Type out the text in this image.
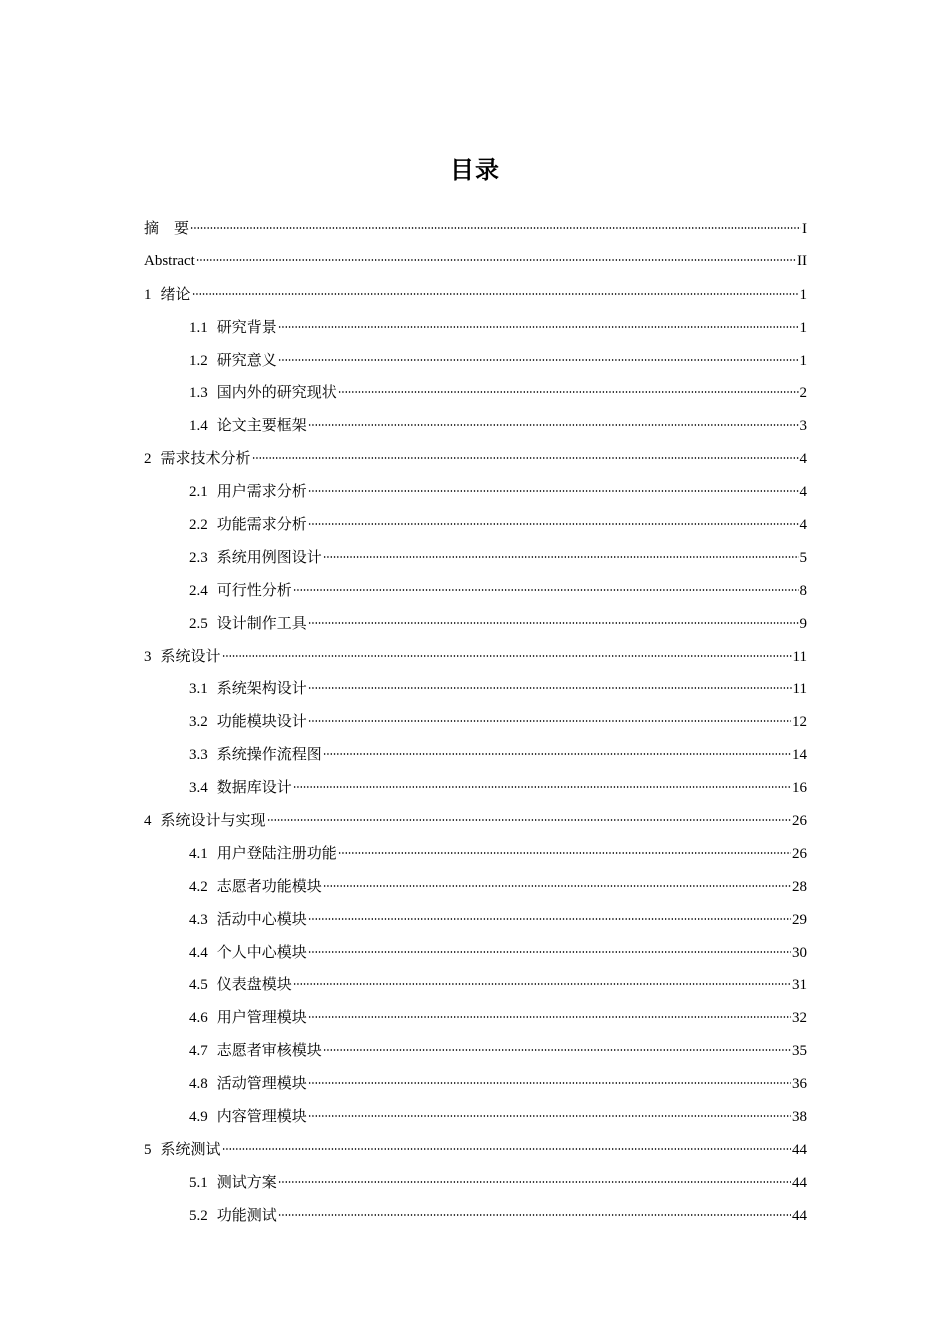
目录
摘　要	I
Abstract	II
1 绪论	1
1.1 研究背景	1
1.2 研究意义	1
1.3 国内外的研究现状	2
1.4 论文主要框架	3
2 需求技术分析	4
2.1 用户需求分析	4
2.2 功能需求分析	4
2.3 系统用例图设计	5
2.4 可行性分析	8
2.5 设计制作工具	9
3 系统设计	11
3.1 系统架构设计	11
3.2 功能模块设计	12
3.3 系统操作流程图	14
3.4 数据库设计	16
4 系统设计与实现	26
4.1 用户登陆注册功能	26
4.2 志愿者功能模块	28
4.3 活动中心模块	29
4.4 个人中心模块	30
4.5 仪表盘模块	31
4.6 用户管理模块	32
4.7 志愿者审核模块	35
4.8 活动管理模块	36
4.9 内容管理模块	38
5 系统测试	44
5.1 测试方案	44
5.2 功能测试	44
